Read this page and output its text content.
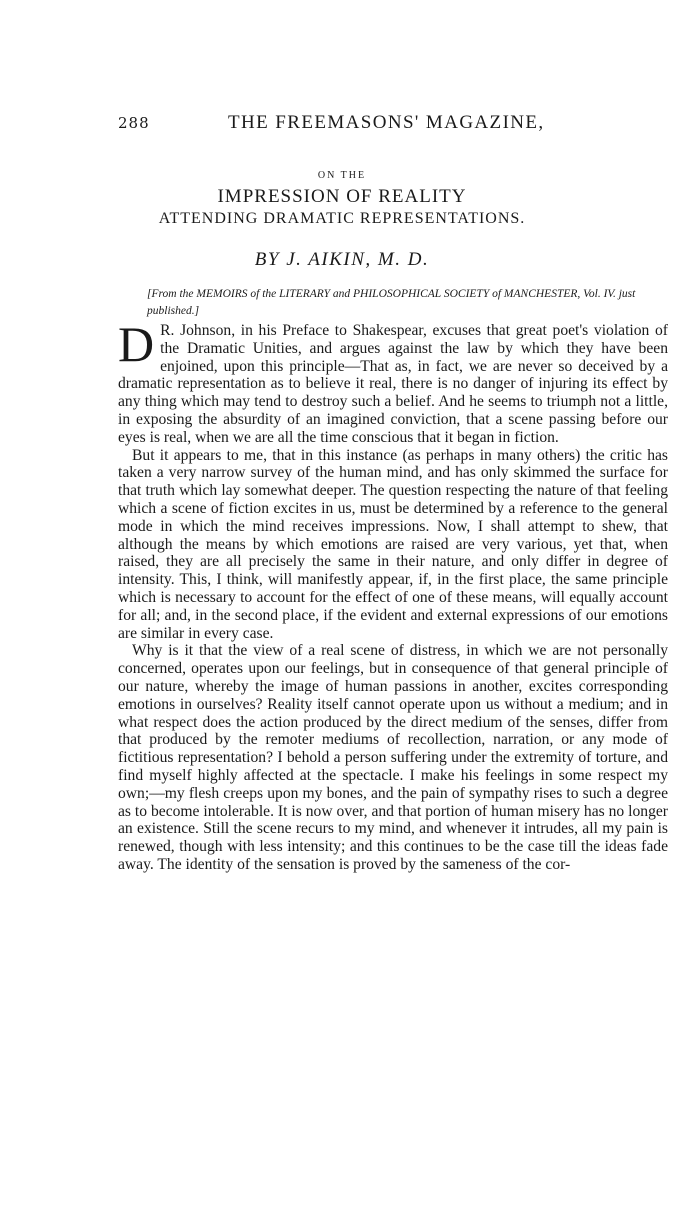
288	THE FREEMASONS' MAGAZINE,
ON THE
IMPRESSION OF REALITY
ATTENDING DRAMATIC REPRESENTATIONS.
BY J. AIKIN, M. D.
[From the MEMOIRS of the LITERARY and PHILOSOPHICAL SOCIETY of MANCHESTER, Vol. IV. just published.]

D R. Johnson, in his Preface to Shakespear, excuses that great poet's violation of the Dramatic Unities, and argues against the law by which they have been enjoined, upon this principle—That as, in fact, we are never so deceived by a dramatic representation as to believe it real, there is no danger of injuring its effect by any thing which may tend to destroy such a belief. And he seems to triumph not a little, in exposing the absurdity of an imagined conviction, that a scene passing before our eyes is real, when we are all the time conscious that it began in fiction.

But it appears to me, that in this instance (as perhaps in many others) the critic has taken a very narrow survey of the human mind, and has only skimmed the surface for that truth which lay somewhat deeper. The question respecting the nature of that feeling which a scene of fiction excites in us, must be determined by a reference to the general mode in which the mind receives impressions. Now, I shall attempt to shew, that although the means by which emotions are raised are very various, yet that, when raised, they are all precisely the same in their nature, and only differ in degree of intensity. This, I think, will manifestly appear, if, in the first place, the same principle which is necessary to account for the effect of one of these means, will equally account for all; and, in the second place, if the evident and external expressions of our emotions are similar in every case.

Why is it that the view of a real scene of distress, in which we are not personally concerned, operates upon our feelings, but in consequence of that general principle of our nature, whereby the image of human passions in another, excites corresponding emotions in ourselves? Reality itself cannot operate upon us without a medium; and in what respect does the action produced by the direct medium of the senses, differ from that produced by the remoter mediums of recollection, narration, or any mode of fictitious representation? I behold a person suffering under the extremity of torture, and find myself highly affected at the spectacle. I make his feelings in some respect my own;—my flesh creeps upon my bones, and the pain of sympathy rises to such a degree as to become intolerable. It is now over, and that portion of human misery has no longer an existence. Still the scene recurs to my mind, and whenever it intrudes, all my pain is renewed, though with less intensity; and this continues to be the case till the ideas fade away. The identity of the sensation is proved by the sameness of the cor-
